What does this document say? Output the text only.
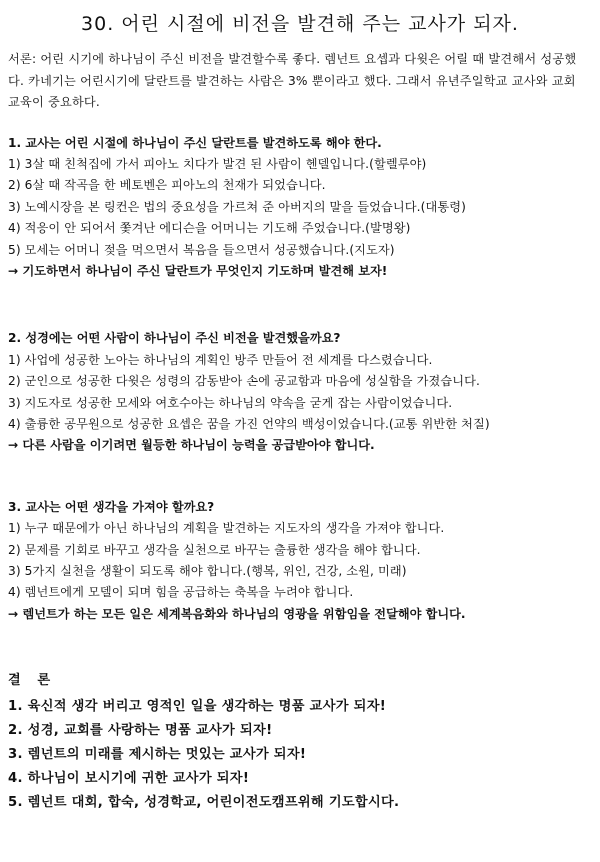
30. 어린 시절에 비전을 발견해 주는 교사가 되자.

서론: 어린 시기에 하나님이 주신 비전을 발견할수록 좋다. 렘넌트 요셉과 다윗은 어릴 때 발견해서 성공했다. 카네기는 어린시기에 달란트를 발견하는 사람은 3% 뿐이라고 했다. 그래서 유년주일학교 교사와 교회 교육이 중요하다.

1. 교사는 어린 시절에 하나님이 주신 달란트를 발견하도록 해야 한다.
1) 3살 때 친척집에 가서 피아노 치다가 발견 된 사람이 헨델입니다.(할렐루야)
2) 6살 때 작곡을 한 베토벤은 피아노의 천재가 되었습니다.
3) 노예시장을 본 링컨은 법의 중요성을 가르쳐 준 아버지의 말을 들었습니다.(대통령)
4) 적응이 안 되어서 쫓겨난 에디슨을 어머니는 기도해 주었습니다.(발명왕)
5) 모세는 어머니 젖을 먹으면서 복음을 들으면서 성공했습니다.(지도자)
→ 기도하면서 하나님이 주신 달란트가 무엇인지 기도하며 발견해 보자!
2. 성경에는 어떤 사람이 하나님이 주신 비전을 발견했을까요?
1) 사업에 성공한 노아는 하나님의 계획인 방주 만들어 전 세계를 다스렸습니다.
2) 군인으로 성공한 다윗은 성령의 감동받아 손에 공교함과 마음에 성실함을 가졌습니다.
3) 지도자로 성공한 모세와 여호수아는 하나님의 약속을 굳게 잡는 사람이었습니다.
4) 출륭한 공무원으로 성공한 요셉은 꿈을 가진 언약의 백성이었습니다.(교통 위반한 처질)
→ 다른 사람을 이기려면 월등한 하나님이 능력을 공급받아야 합니다.
3. 교사는 어떤 생각을 가져야 할까요?
1) 누구 때문에가 아닌 하나님의 계획을 발견하는 지도자의 생각을 가져야 합니다.
2) 문제를 기회로 바꾸고 생각을 실천으로 바꾸는 출륭한 생각을 해야 합니다.
3) 5가지 실천을 생활이 되도록 해야 합니다.(행복, 위인, 건강, 소원, 미래)
4) 렘넌트에게 모델이 되며 힘을 공급하는 축복을 누려야 합니다.
→ 렘넌트가 하는 모든 일은 세계복음화와 하나님의 영광을 위함임을 전달해야 합니다.
결 론
1. 육신적 생각 버리고 영적인 일을 생각하는 명품 교사가 되자!
2. 성경, 교회를 사랑하는 명품 교사가 되자!
3. 렘넌트의 미래를 제시하는 멋있는 교사가 되자!
4. 하나님이 보시기에 귀한 교사가 되자!
5. 렘넌트 대회, 합숙, 성경학교, 어린이전도캠프위해 기도합시다.
